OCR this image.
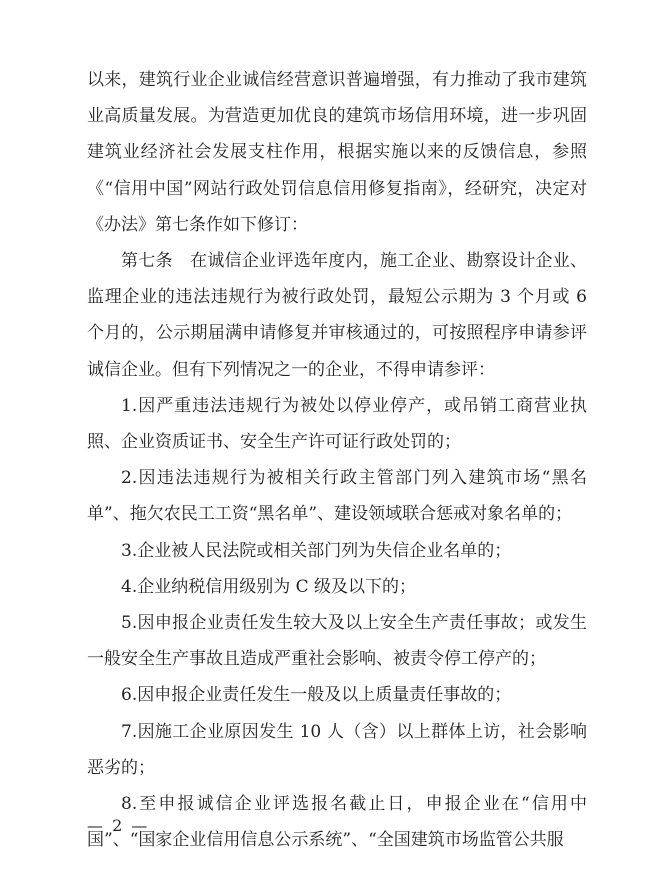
以来，建筑行业企业诚信经营意识普遍增强，有力推动了我市建筑业高质量发展。为营造更加优良的建筑市场信用环境，进一步巩固建筑业经济社会发展支柱作用，根据实施以来的反馈信息，参照《“信用中国”网站行政处罚信息信用修复指南》，经研究，决定对《办法》第七条作如下修订：

第七条　在诚信企业评选年度内，施工企业、勘察设计企业、监理企业的违法违规行为被行政处罚，最短公示期为 3 个月或 6 个月的，公示期届满申请修复并审核通过的，可按照程序申请参评诚信企业。但有下列情况之一的企业，不得申请参评：

1.因严重违法违规行为被处以停业停产，或吊销工商营业执照、企业资质证书、安全生产许可证行政处罚的；

2.因违法违规行为被相关行政主管部门列入建筑市场“黑名单”、拖欠农民工工资“黑名单”、建设领域联合惩戒对象名单的；

3.企业被人民法院或相关部门列为失信企业名单的；

4.企业纳税信用级别为 C 级及以下的；

5.因申报企业责任发生较大及以上安全生产责任事故；或发生一般安全生产事故且造成严重社会影响、被责令停工停产的；

6.因申报企业责任发生一般及以上质量责任事故的；

7.因施工企业原因发生 10 人（含）以上群体上访，社会影响恶劣的；

8.至申报诚信企业评选报名截止日，申报企业在“信用中国”、“国家企业信用信息公示系统”、“全国建筑市场监管公共服

— 2 —
